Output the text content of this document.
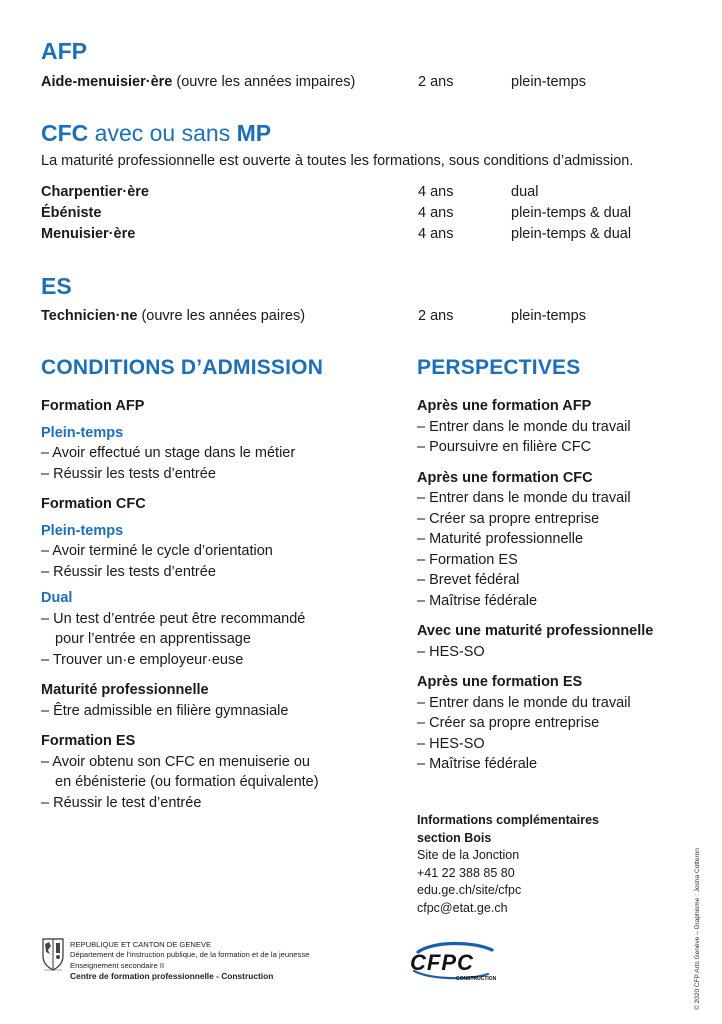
AFP
Aide-menuisier·ère (ouvre les années impaires)	2 ans	plein-temps
CFC avec ou sans MP
La maturité professionnelle est ouverte à toutes les formations, sous conditions d’admission.
Charpentier·ère	4 ans	dual
Ébéniste	4 ans	plein-temps & dual
Menuisier·ère	4 ans	plein-temps & dual
ES
Technicien·ne (ouvre les années paires)	2 ans	plein-temps
CONDITIONS D’ADMISSION	PERSPECTIVES
Formation AFP
Plein-temps
– Avoir effectué un stage dans le métier
– Réussir les tests d’entrée
Formation CFC
Plein-temps
– Avoir terminé le cycle d’orientation
– Réussir les tests d’entrée
Dual
– Un test d’entrée peut être recommandé
pour l’entrée en apprentissage
– Trouver un·e employeur·euse
Maturité professionnelle
– Être admissible en filière gymnasiale
Formation ES
– Avoir obtenu son CFC en menuiserie ou
en ébénisterie (ou formation équivalente)
– Réussir le test d’entrée
Après une formation AFP
– Entrer dans le monde du travail
– Poursuivre en filière CFC
Après une formation CFC
– Entrer dans le monde du travail
– Créer sa propre entreprise
– Maturité professionnelle
– Formation ES
– Brevet fédéral
– Maîtrise fédérale
Avec une maturité professionnelle
– HES-SO
Après une formation ES
– Entrer dans le monde du travail
– Créer sa propre entreprise
– HES-SO
– Maîtrise fédérale
Informations complémentaires
section Bois
Site de la Jonction
+41 22 388 85 80
edu.ge.ch/site/cfpc
cfpc@etat.ge.ch
REPUBLIQUE ET CANTON DE GENEVE
Département de l’instruction publique, de la formation et de la jeunesse
Enseignement secondaire II
Centre de formation professionnelle - Construction
CFPC
CONSTRUCTION	© 2020 CFP Arts Genève – Graphisme : Josha Cotteron
